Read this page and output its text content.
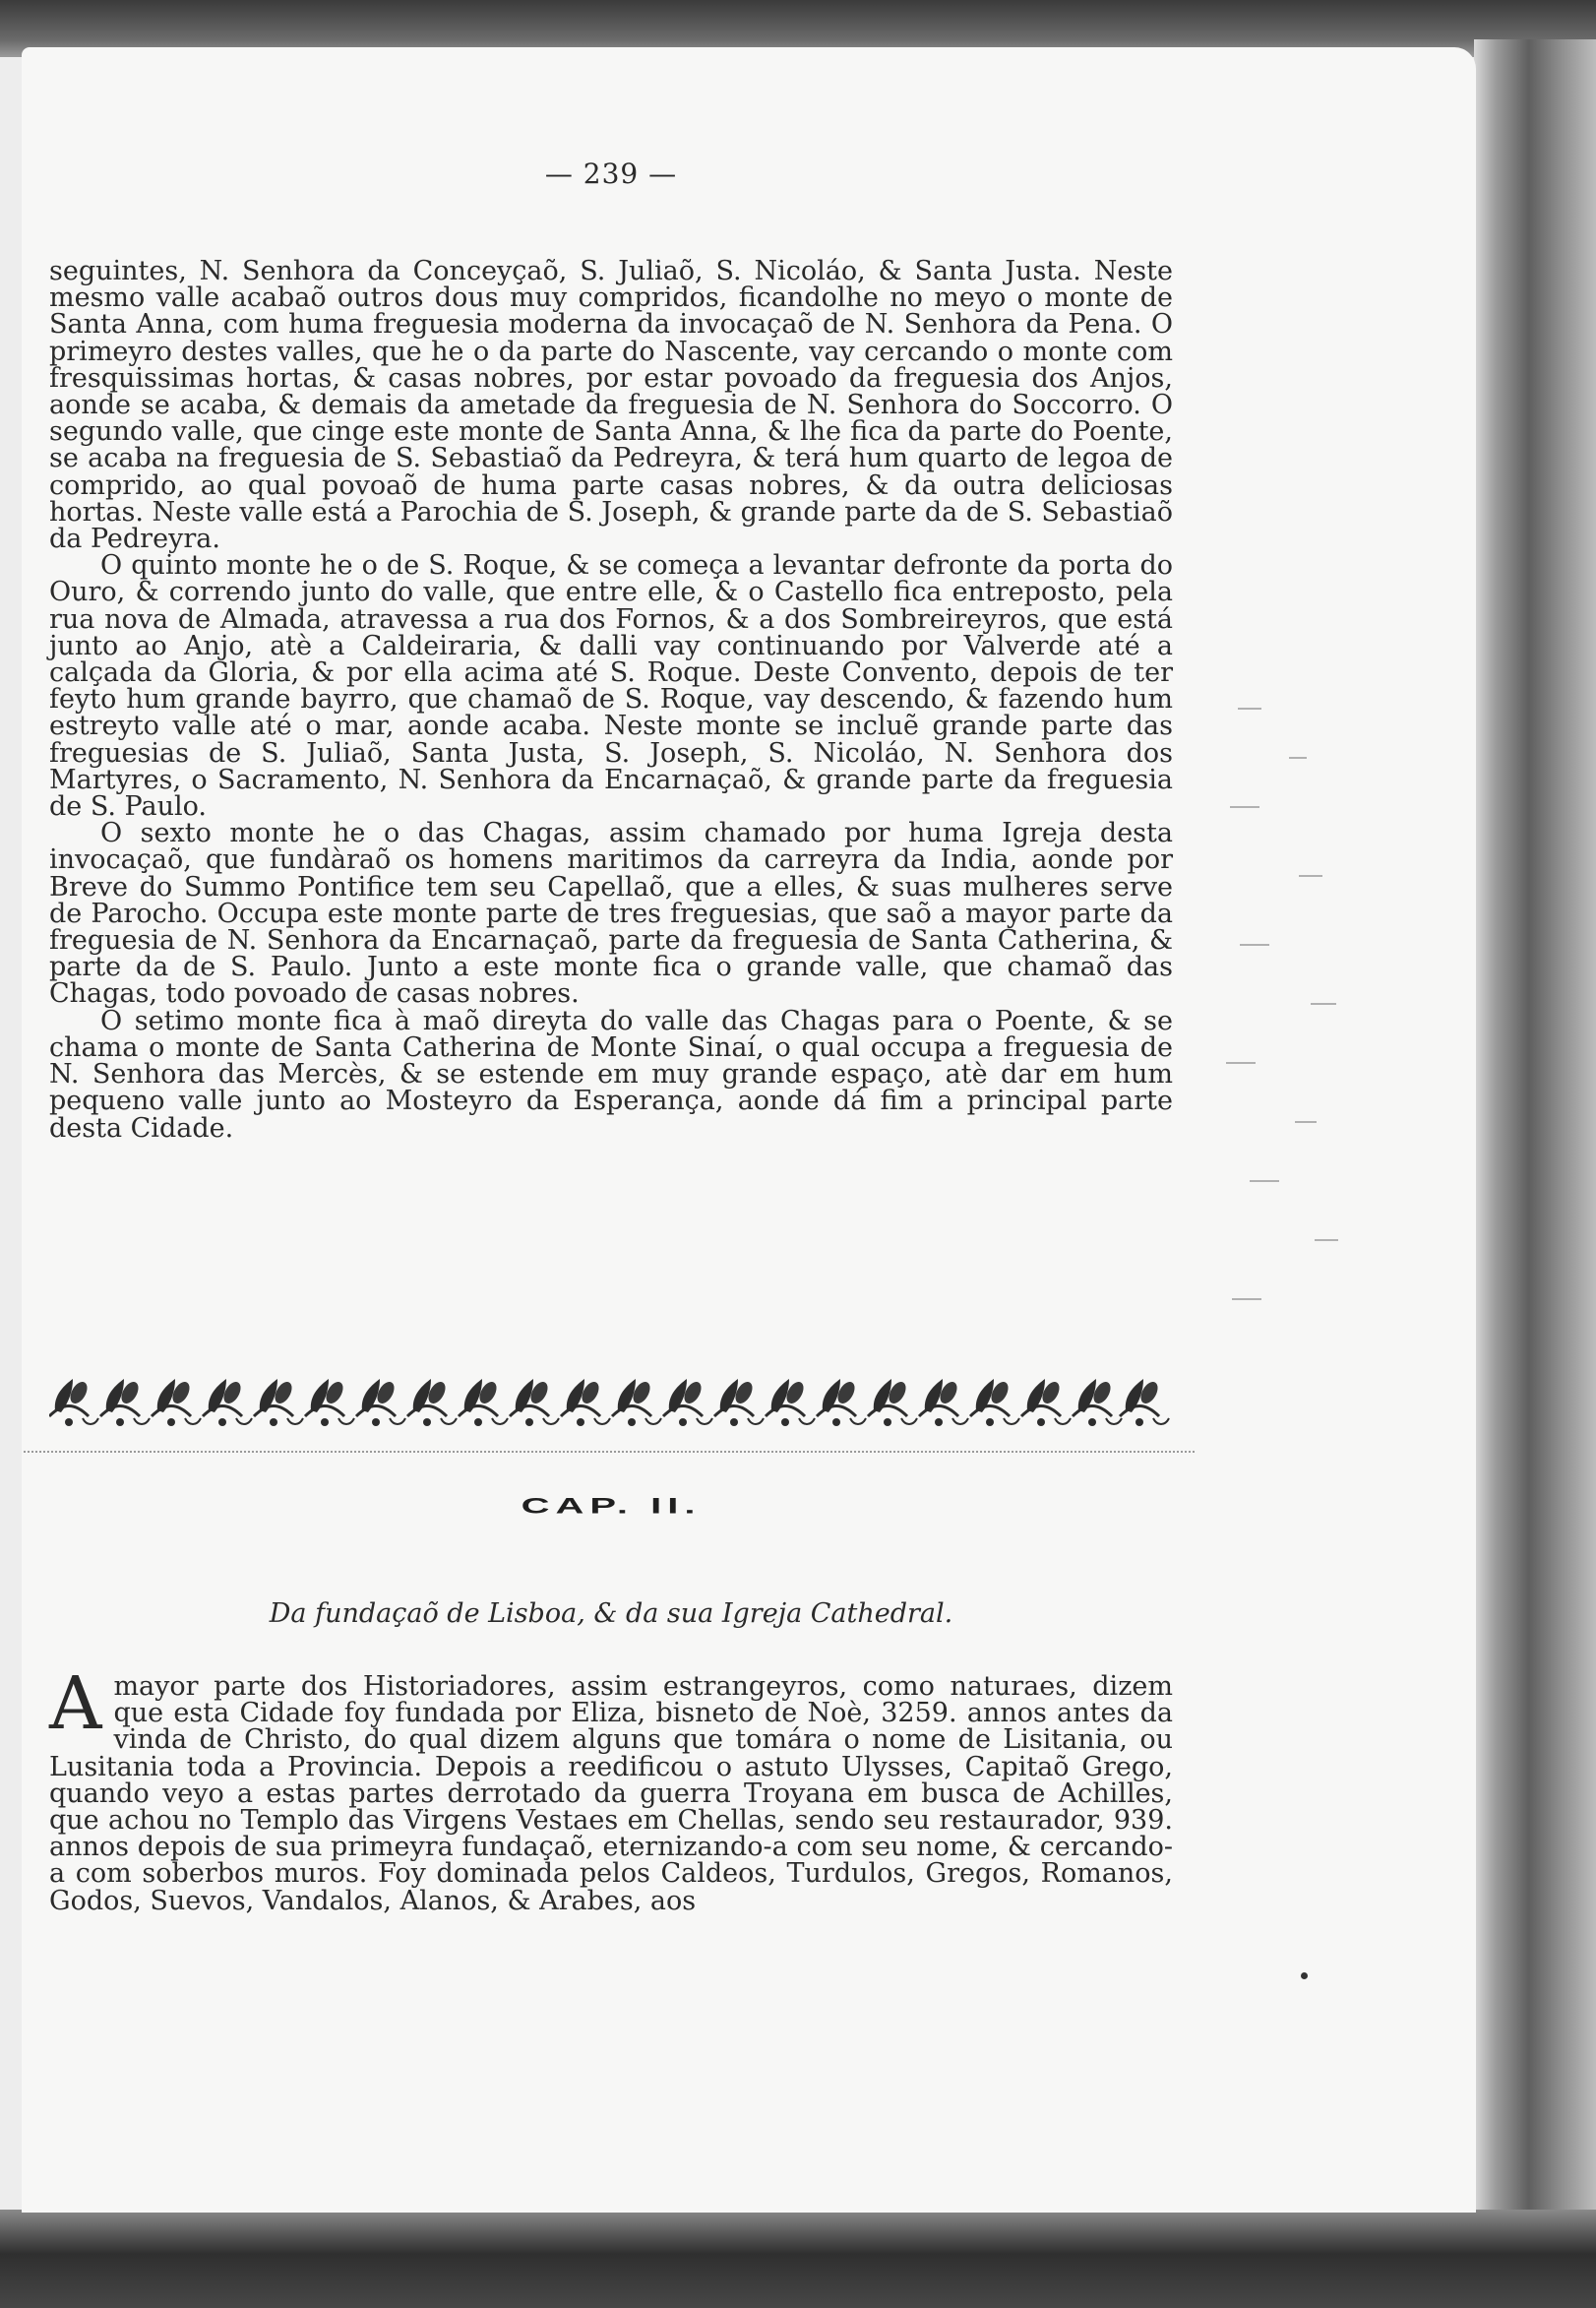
— 239 —

seguintes, N. Senhora da Conceyçaõ, S. Juliaõ, S. Nicoláo, & Santa Justa. Neste mesmo valle acabaõ outros dous muy compridos, ficandolhe no meyo o monte de Santa Anna, com huma freguesia moderna da invocaçaõ de N. Senhora da Pena. O primeyro destes valles, que he o da parte do Nascente, vay cercando o monte com fresquissimas hortas, & casas nobres, por estar povoado da freguesia dos Anjos, aonde se acaba, & demais da ametade da freguesia de N. Senhora do Soccorro. O segundo valle, que cinge este monte de Santa Anna, & lhe fica da parte do Poente, se acaba na freguesia de S. Sebastiaõ da Pedreyra, & terá hum quarto de legoa de comprido, ao qual povoaõ de huma parte casas nobres, & da outra deliciosas hortas. Neste valle está a Parochia de S. Joseph, & grande parte da de S. Sebastiaõ da Pedreyra.

O quinto monte he o de S. Roque, & se começa a levantar defronte da porta do Ouro, & correndo junto do valle, que entre elle, & o Castello fica entreposto, pela rua nova de Almada, atravessa a rua dos Fornos, & a dos Sombreireyros, que está junto ao Anjo, atè a Caldeiraria, & dalli vay continuando por Valverde até a calçada da Gloria, & por ella acima até S. Roque. Deste Convento, depois de ter feyto hum grande bayrro, que chamaõ de S. Roque, vay descendo, & fazendo hum estreyto valle até o mar, aonde acaba. Neste monte se incluẽ grande parte das freguesias de S. Juliaõ, Santa Justa, S. Joseph, S. Nicoláo, N. Senhora dos Martyres, o Sacramento, N. Senhora da Encarnaçaõ, & grande parte da freguesia de S. Paulo.

O sexto monte he o das Chagas, assim chamado por huma Igreja desta invocaçaõ, que fundàraõ os homens maritimos da carreyra da India, aonde por Breve do Summo Pontifice tem seu Capellaõ, que a elles, & suas mulheres serve de Parocho. Occupa este monte parte de tres freguesias, que saõ a mayor parte da freguesia de N. Senhora da Encarnaçaõ, parte da freguesia de Santa Catherina, & parte da de S. Paulo. Junto a este monte fica o grande valle, que chamaõ das Chagas, todo povoado de casas nobres.

O setimo monte fica à maõ direyta do valle das Chagas para o Poente, & se chama o monte de Santa Catherina de Monte Sinaí, o qual occupa a freguesia de N. Senhora das Mercès, & se estende em muy grande espaço, atè dar em hum pequeno valle junto ao Mosteyro da Esperança, aonde dá fim a principal parte desta Cidade.

CAP. II.
Da fundaçaõ de Lisboa, & da sua Igreja Cathedral.

Amayor parte dos Historiadores, assim estrangeyros, como naturaes, dizem que esta Cidade foy fundada por Eliza, bisneto de Noè, 3259. annos antes da vinda de Christo, do qual dizem alguns que tomára o nome de Lisitania, ou Lusitania toda a Provincia. Depois a reedificou o astuto Ulysses, Capitaõ Grego, quando veyo a estas partes derrotado da guerra Troyana em busca de Achilles, que achou no Templo das Virgens Vestaes em Chellas, sendo seu restaurador, 939. annos depois de sua primeyra fundaçaõ, eternizando-a com seu nome, & cercando-a com soberbos muros. Foy dominada pelos Caldeos, Turdulos, Gregos, Romanos, Godos, Suevos, Vandalos, Alanos, & Arabes, aos
